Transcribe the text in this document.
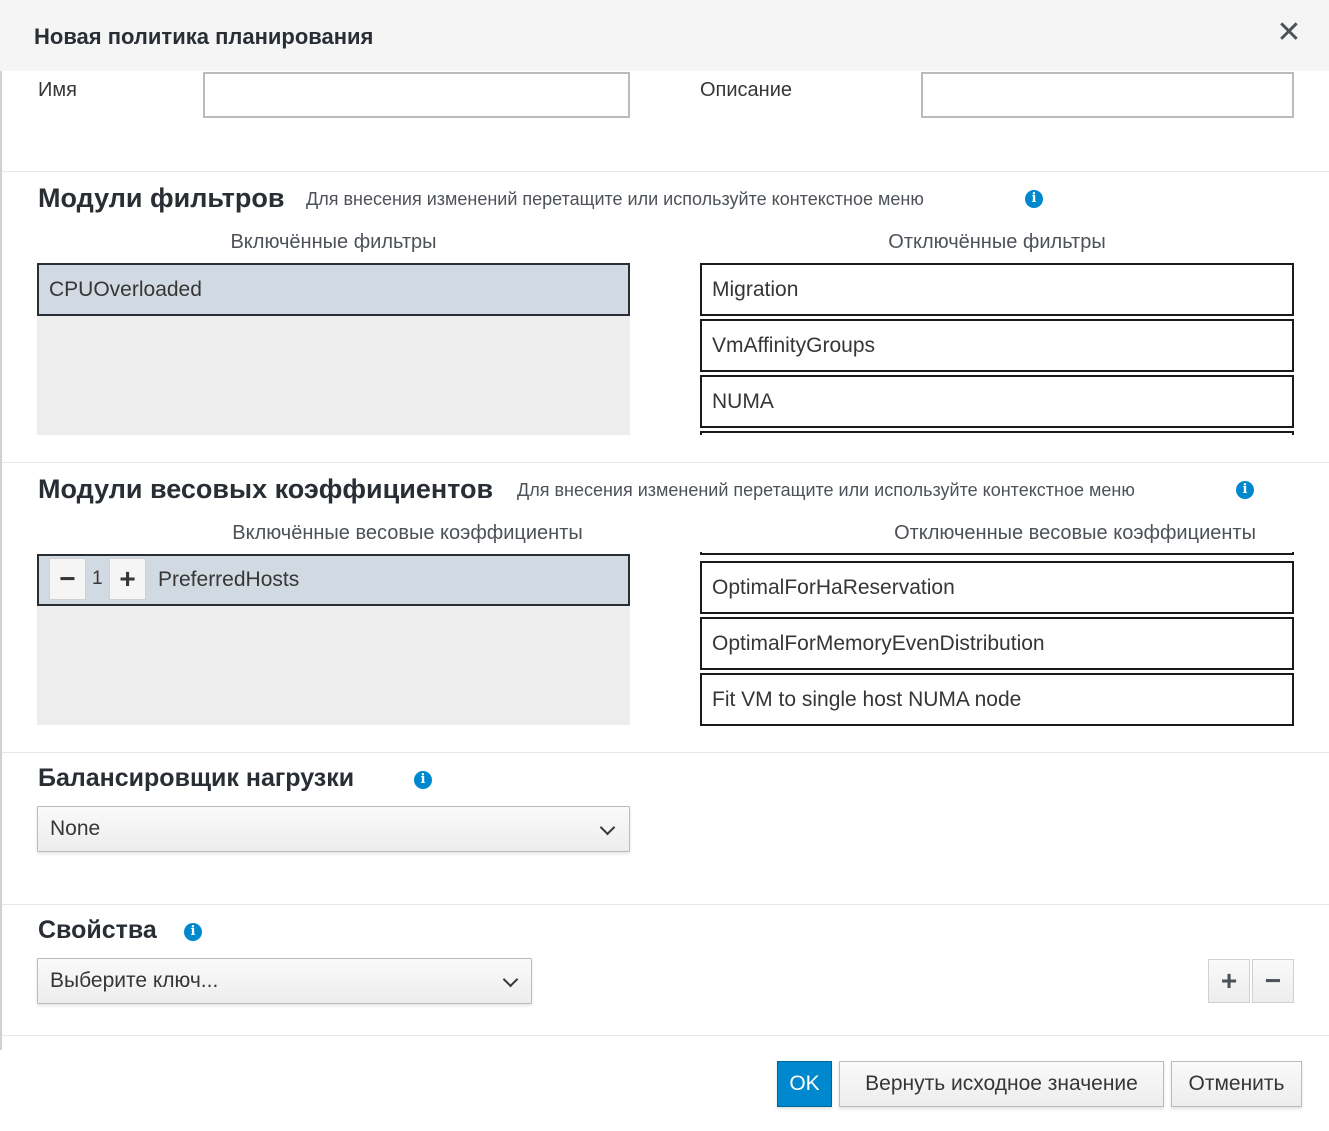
Новая политика планирования	✕
Имя	Описание
Модули фильтров Для внесения изменений перетащите или используйте контекстное меню	i
Включённые фильтры	Отключённые фильтры
CPUOverloaded	Migration
VmAffinityGroups
NUMA
Модули весовых коэффициентов Для внесения изменений перетащите или используйте контекстное меню	i
Включённые весовые коэффициенты	Отключенные весовые коэффициенты
− 1 +	PreferredHosts	OptimalForHaReservation
OptimalForMemoryEvenDistribution
Fit VM to single host NUMA node
Балансировщик нагрузки	i
None
Свойства	i
Выберите ключ...	+ −
OK	Вернуть исходное значение	Отменить
